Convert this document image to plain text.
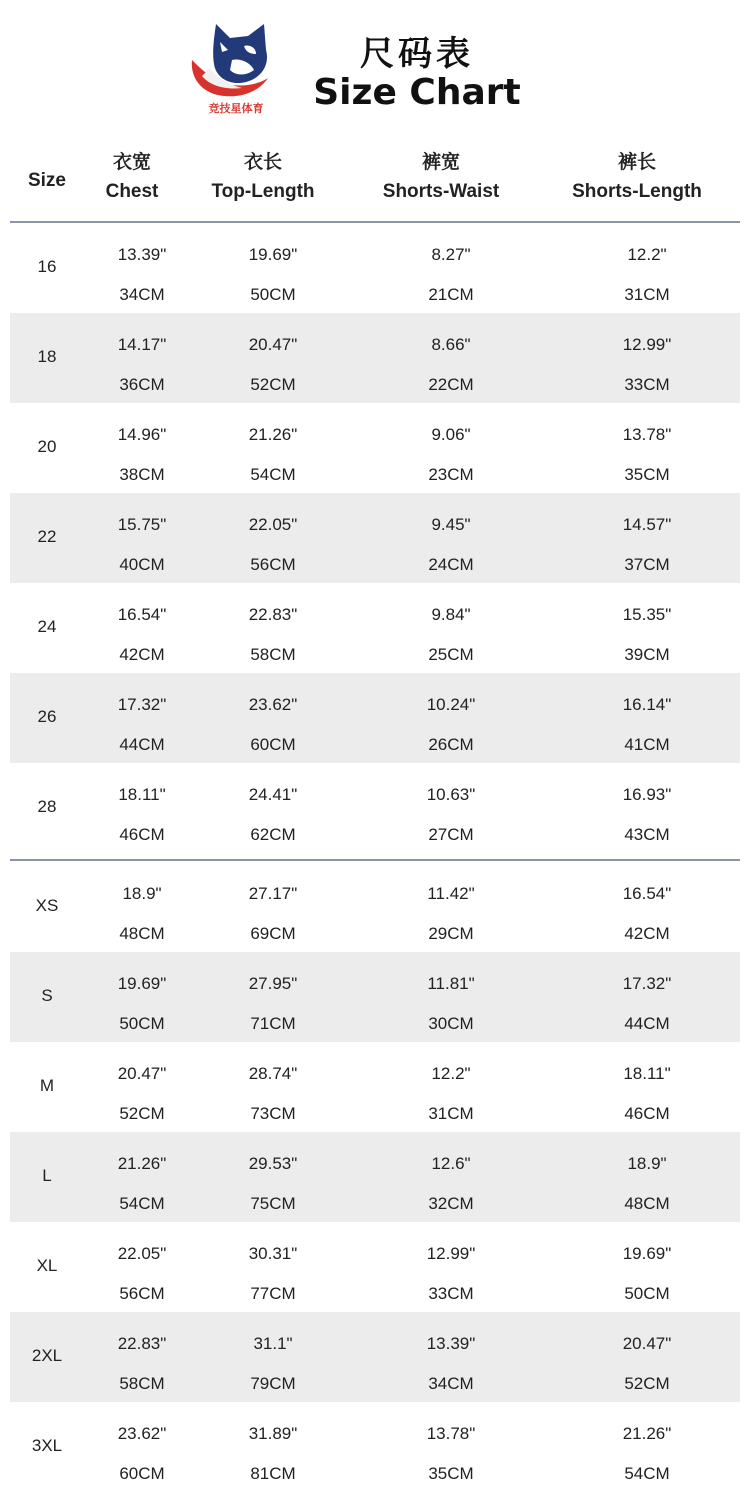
竞技星体育
尺码表
Size Chart
Size
衣宽
Chest
衣长
Top-Length
裤宽
Shorts-Waist
裤长
Shorts-Length
16
13.39"
34CM
19.69"
50CM
8.27"
21CM
12.2"
31CM
18
14.17"
36CM
20.47"
52CM
8.66"
22CM
12.99"
33CM
20
14.96"
38CM
21.26"
54CM
9.06"
23CM
13.78"
35CM
22
15.75"
40CM
22.05"
56CM
9.45"
24CM
14.57"
37CM
24
16.54"
42CM
22.83"
58CM
9.84"
25CM
15.35"
39CM
26
17.32"
44CM
23.62"
60CM
10.24"
26CM
16.14"
41CM
28
18.11"
46CM
24.41"
62CM
10.63"
27CM
16.93"
43CM
XS
18.9"
48CM
27.17"
69CM
11.42"
29CM
16.54"
42CM
S
19.69"
50CM
27.95"
71CM
11.81"
30CM
17.32"
44CM
M
20.47"
52CM
28.74"
73CM
12.2"
31CM
18.11"
46CM
L
21.26"
54CM
29.53"
75CM
12.6"
32CM
18.9"
48CM
XL
22.05"
56CM
30.31"
77CM
12.99"
33CM
19.69"
50CM
2XL
22.83"
58CM
31.1"
79CM
13.39"
34CM
20.47"
52CM
3XL
23.62"
60CM
31.89"
81CM
13.78"
35CM
21.26"
54CM
